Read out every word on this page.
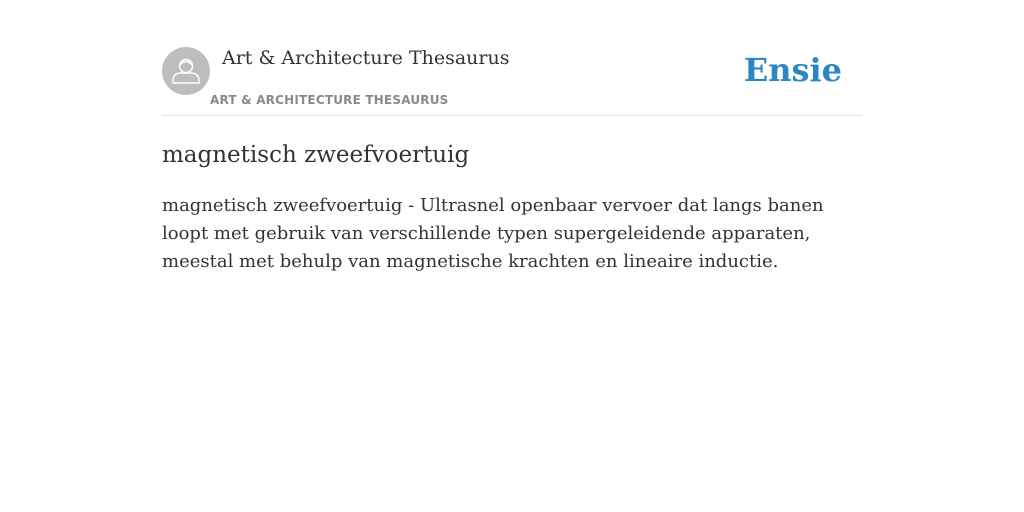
Art & Architecture Thesaurus
ART & ARCHITECTURE THESAURUS
Ensie
magnetisch zweefvoertuig

magnetisch zweefvoertuig - Ultrasnel openbaar vervoer dat langs banen loopt met gebruik van verschillende typen supergeleidende apparaten, meestal met behulp van magnetische krachten en lineaire inductie.
